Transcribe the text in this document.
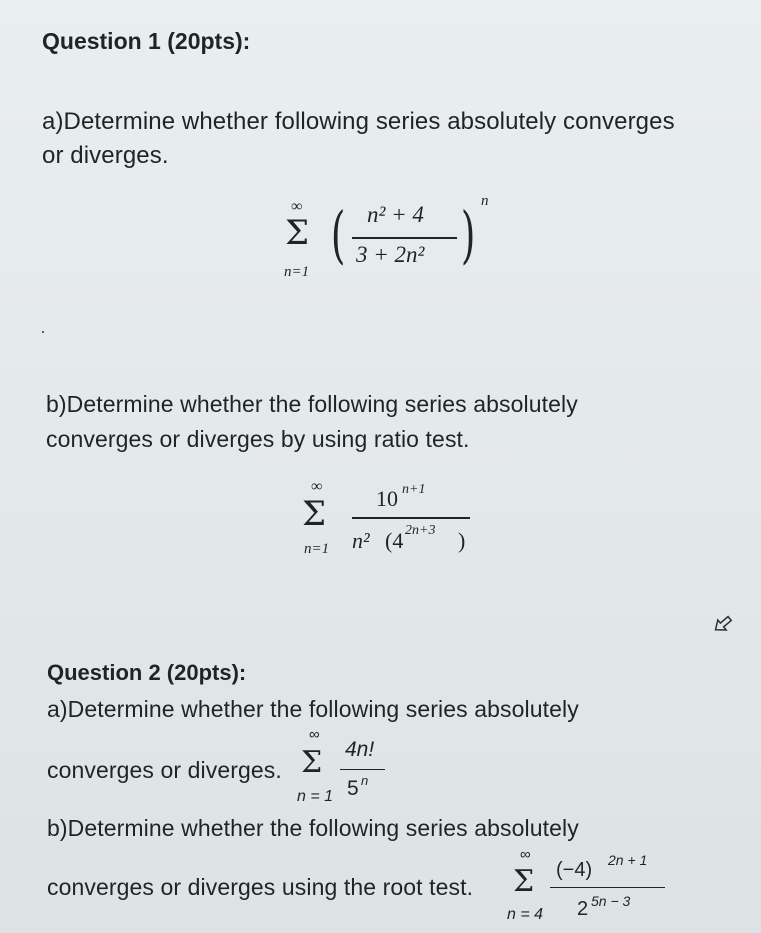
Question 1 (20pts):
a)Determine whether following series absolutely converges
or diverges.
∞
Σ
n=1
( n² + 4
3 + 2n² ) n
.
b)Determine whether the following series absolutely
converges or diverges by using ratio test.
∞
Σ
n=1
10 n+1
n² (4 2n+3 )
Question 2 (20pts):
a)Determine whether the following series absolutely
converges or diverges.
∞
Σ
n = 1
4n!
5 n
b)Determine whether the following series absolutely
converges or diverges using the root test.
∞
Σ
n = 4
(−4) 2n + 1
2 5n − 3
